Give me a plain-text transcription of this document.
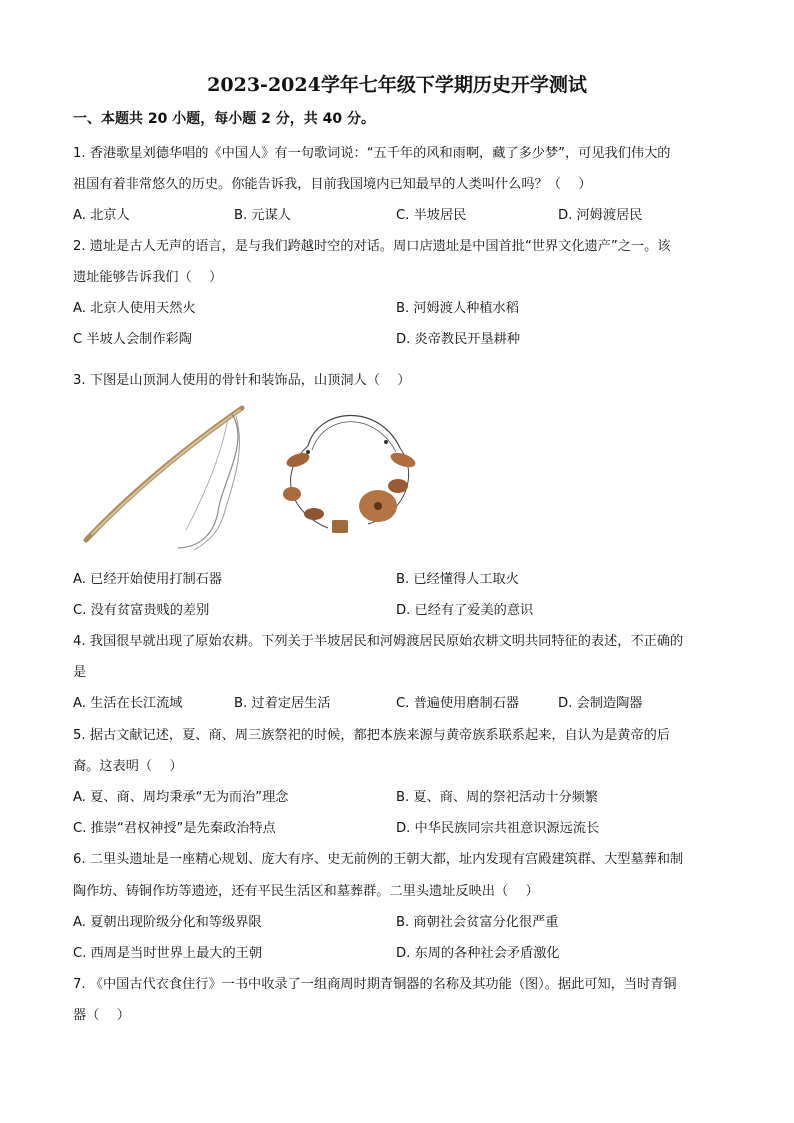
2023-2024学年七年级下学期历史开学测试
一、本题共 20 小题，每小题 2 分，共 40 分。
1. 香港歌星刘德华唱的《中国人》有一句歌词说：“五千年的风和雨啊，藏了多少梦”，可见我们伟大的
祖国有着非常悠久的历史。你能告诉我，目前我国境内已知最早的人类叫什么吗？（　 ）
A. 北京人	B. 元谋人	C. 半坡居民	D. 河姆渡居民
2. 遗址是古人无声的语言，是与我们跨越时空的对话。周口店遗址是中国首批“世界文化遗产”之一。该
遗址能够告诉我们（　 ）
A. 北京人使用天然火	B. 河姆渡人种植水稻
C 半坡人会制作彩陶	D. 炎帝教民开垦耕种
3. 下图是山顶洞人使用的骨针和装饰品，山顶洞人（　 ）
A. 已经开始使用打制石器	B. 已经懂得人工取火
C. 没有贫富贵贱的差别	D. 已经有了爱美的意识
4. 我国很早就出现了原始农耕。下列关于半坡居民和河姆渡居民原始农耕文明共同特征的表述，不正确的
是
A. 生活在长江流域	B. 过着定居生活	C. 普遍使用磨制石器	D. 会制造陶器
5. 据古文献记述，夏、商、周三族祭祀的时候，都把本族来源与黄帝族系联系起来，自认为是黄帝的后
裔。这表明（　 ）
A. 夏、商、周均秉承“无为而治”理念	B. 夏、商、周的祭祀活动十分频繁
C. 推崇“君权神授”是先秦政治特点	D. 中华民族同宗共祖意识源远流长
6. 二里头遗址是一座精心规划、庞大有序、史无前例的王朝大都，址内发现有宫殿建筑群、大型墓葬和制
陶作坊、铸铜作坊等遗迹，还有平民生活区和墓葬群。二里头遗址反映出（　 ）
A. 夏朝出现阶级分化和等级界限	B. 商朝社会贫富分化很严重
C. 西周是当时世界上最大的王朝	D. 东周的各种社会矛盾激化
7. 《中国古代衣食住行》一书中收录了一组商周时期青铜器的名称及其功能（图）。据此可知，当时青铜
器（　 ）
